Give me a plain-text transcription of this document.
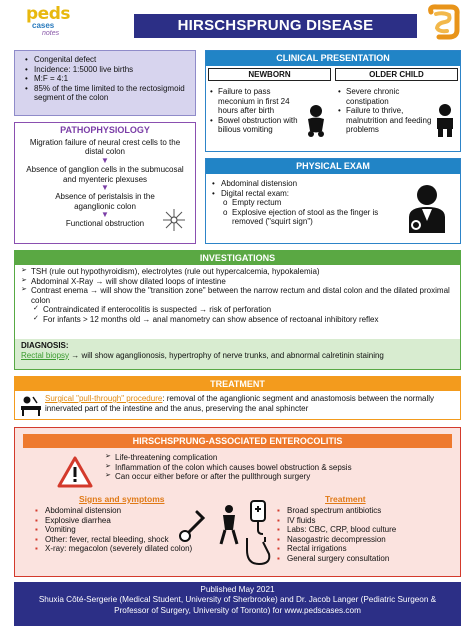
peds
cases
notes	HIRSCHSPRUNG DISEASE
• Congenital defect
• Incidence: 1:5000 live births
• M:F = 4:1
• 85% of the time limited to the rectosigmoid segment of the colon
PATHOPHYSIOLOGY
Migration failure of neural crest cells to the distal colon
▼
Absence of ganglion cells in the submucosal and myenteric plexuses
▼
Absence of peristalsis in the aganglionic colon
▼
Functional obstruction
CLINICAL PRESENTATION
NEWBORN	OLDER CHILD
• Failure to pass meconium in first 24 hours after birth
• Bowel obstruction with bilious vomiting
• Severe chronic constipation
• Failure to thrive, malnutrition and feeding problems
PHYSICAL EXAM
• Abdominal distension
• Digital rectal exam:
o Empty rectum
o Explosive ejection of stool as the finger is removed ("squirt sign")
INVESTIGATIONS
➢ TSH (rule out hypothyroidism), electrolytes (rule out hypercalcemia, hypokalemia)
➢ Abdominal X-Ray → will show dilated loops of intestine
➢ Contrast enema → will show the "transition zone" between the narrow rectum and distal colon and the dilated proximal colon
✓ Contraindicated if enterocolitis is suspected → risk of perforation
✓ For infants > 12 months old → anal manometry can show absence of rectoanal inhibitory reflex
DIAGNOSIS:
Rectal biopsy → will show aganglionosis, hypertrophy of nerve trunks, and abnormal calretinin staining
TREATMENT
Surgical "pull-through" procedure: removal of the aganglionic segment and anastomosis between the normally innervated part of the intestine and the anus, preserving the anal sphincter
HIRSCHSPRUNG-ASSOCIATED ENTEROCOLITIS
➢ Life-threatening complication
➢ Inflammation of the colon which causes bowel obstruction & sepsis
➢ Can occur either before or after the pullthrough surgery
Signs and symptoms
▪ Abdominal distension
▪ Explosive diarrhea
▪ Vomiting
▪ Other: fever, rectal bleeding, shock
▪ X-ray: megacolon (severely dilated colon)
Treatment
▪ Broad spectrum antibiotics
▪ IV fluids
▪ Labs: CBC, CRP, blood culture
▪ Nasogastric decompression
▪ Rectal irrigations
▪ General surgery consultation
Published May 2021
Shuxia Côté-Sergerie (Medical Student, University of Sherbrooke) and Dr. Jacob Langer (Pediatric Surgeon & Professor of Surgery, University of Toronto) for www.pedscases.com
